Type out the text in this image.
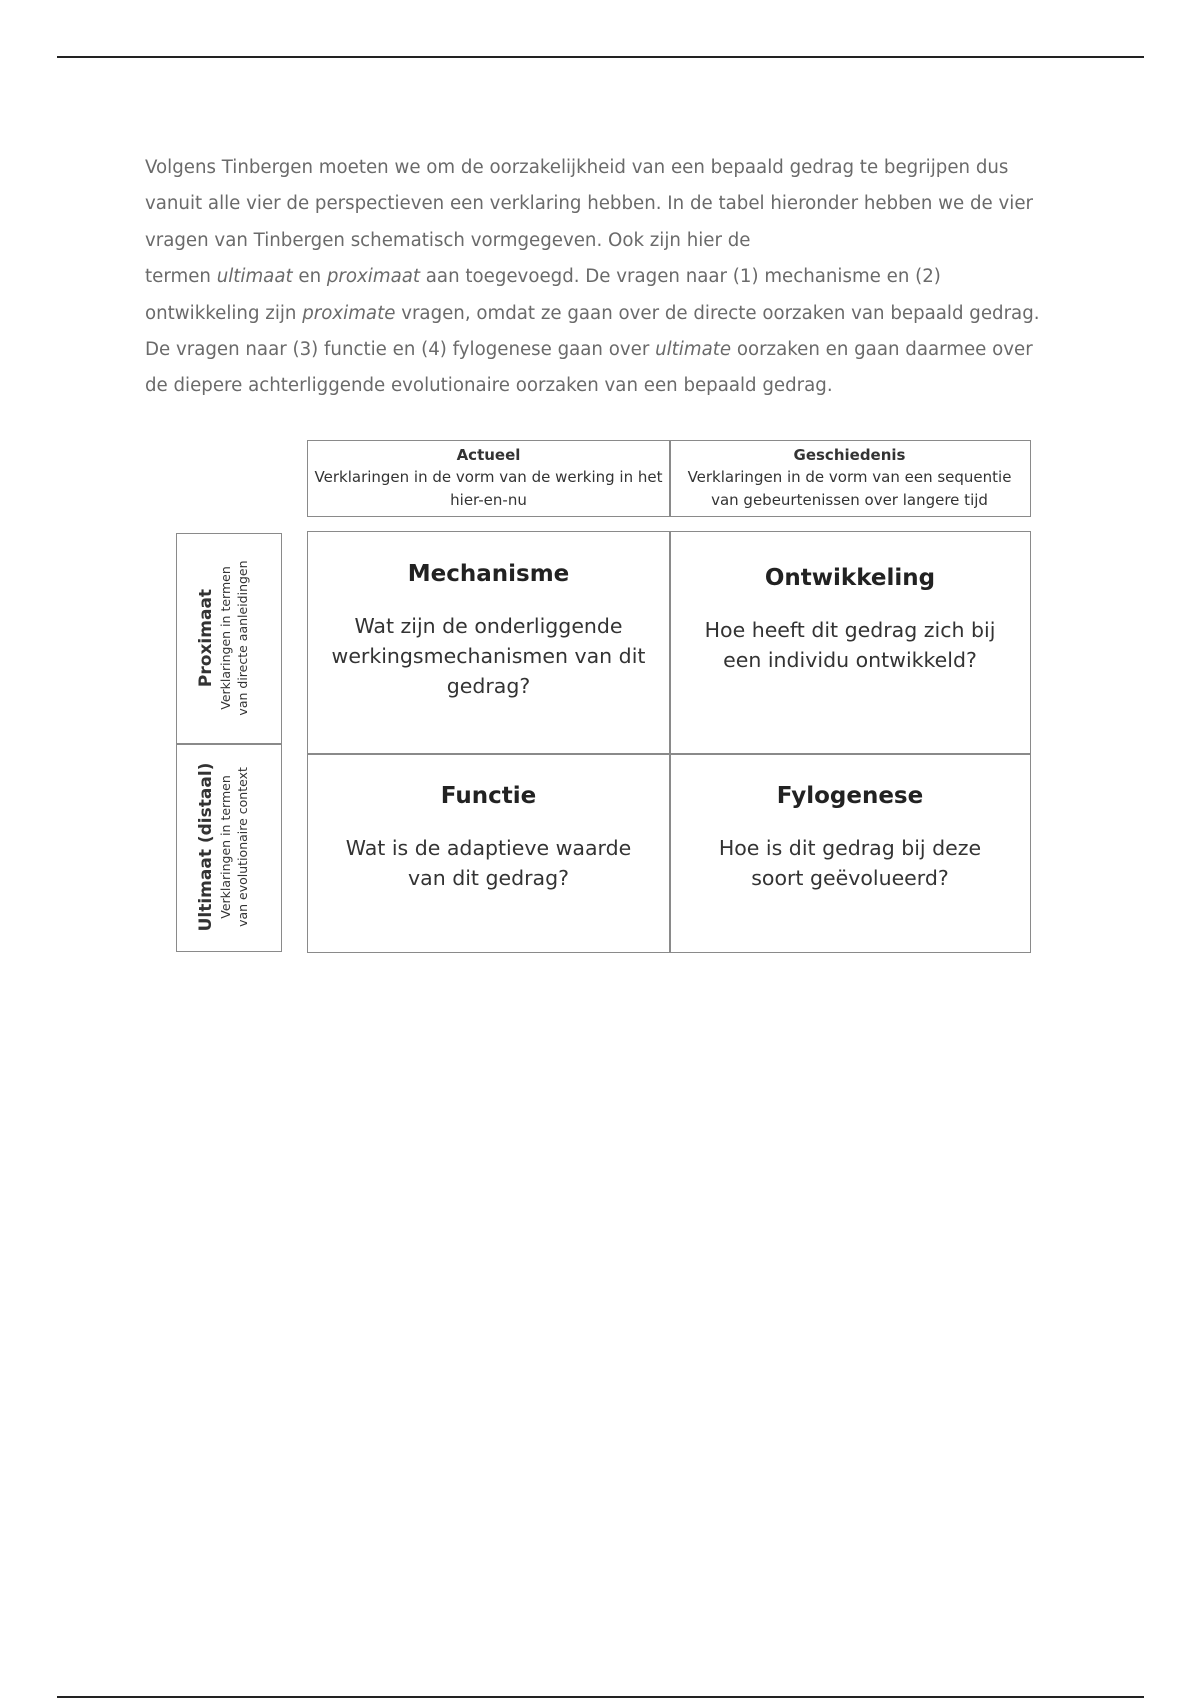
Volgens Tinbergen moeten we om de oorzakelijkheid van een bepaald gedrag te begrijpen dus

vanuit alle vier de perspectieven een verklaring hebben. In de tabel hieronder hebben we de vier

vragen van Tinbergen schematisch vormgegeven. Ook zijn hier de

termen ultimaat en proximaat aan toegevoegd. De vragen naar (1) mechanisme en (2)

ontwikkeling zijn proximate vragen, omdat ze gaan over de directe oorzaken van bepaald gedrag.

De vragen naar (3) functie en (4) fylogenese gaan over ultimate oorzaken en gaan daarmee over

de diepere achterliggende evolutionaire oorzaken van een bepaald gedrag.

Actueel
Verklaringen in de vorm van de werking in het hier-en-nu
Geschiedenis
Verklaringen in de vorm van een sequentie van gebeurtenissen over langere tijd
Proximaat Verklaringen in termen van directe aanleidingen
Ultimaat (distaal) Verklaringen in termen van evolutionaire context
Mechanisme
Wat zijn de onderliggende werkingsmechanismen van dit gedrag?
Ontwikkeling
Hoe heeft dit gedrag zich bij een individu ontwikkeld?
Functie
Wat is de adaptieve waarde van dit gedrag?
Fylogenese
Hoe is dit gedrag bij deze soort geëvolueerd?
